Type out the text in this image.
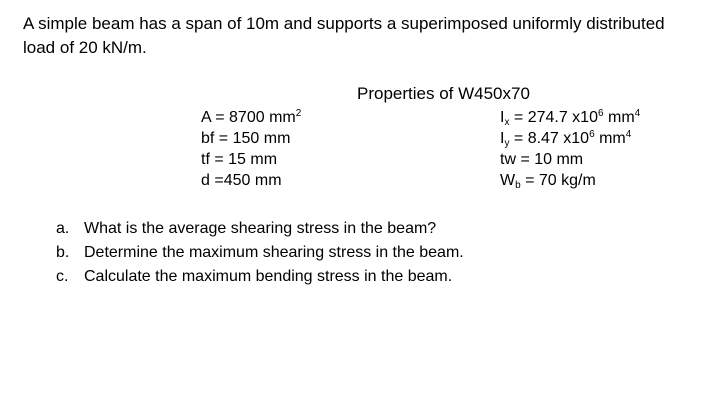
A simple beam has a span of 10m and supports a superimposed uniformly distributed load of 20 kN/m.
Properties of W450x70
A = 8700 $mm^2$
bf = 150 mm
tf = 15 mm
d =450 mm
$I_x = 274.7$ $x10^6$ $mm^4$
$I_y = 8.47$ $x10^6$ $mm^4$
tw = 10 mm
$W_b = 70$ kg/m
a. What is the average shearing stress in the beam?
b. Determine the maximum shearing stress in the beam.
c. Calculate the maximum bending stress in the beam.
